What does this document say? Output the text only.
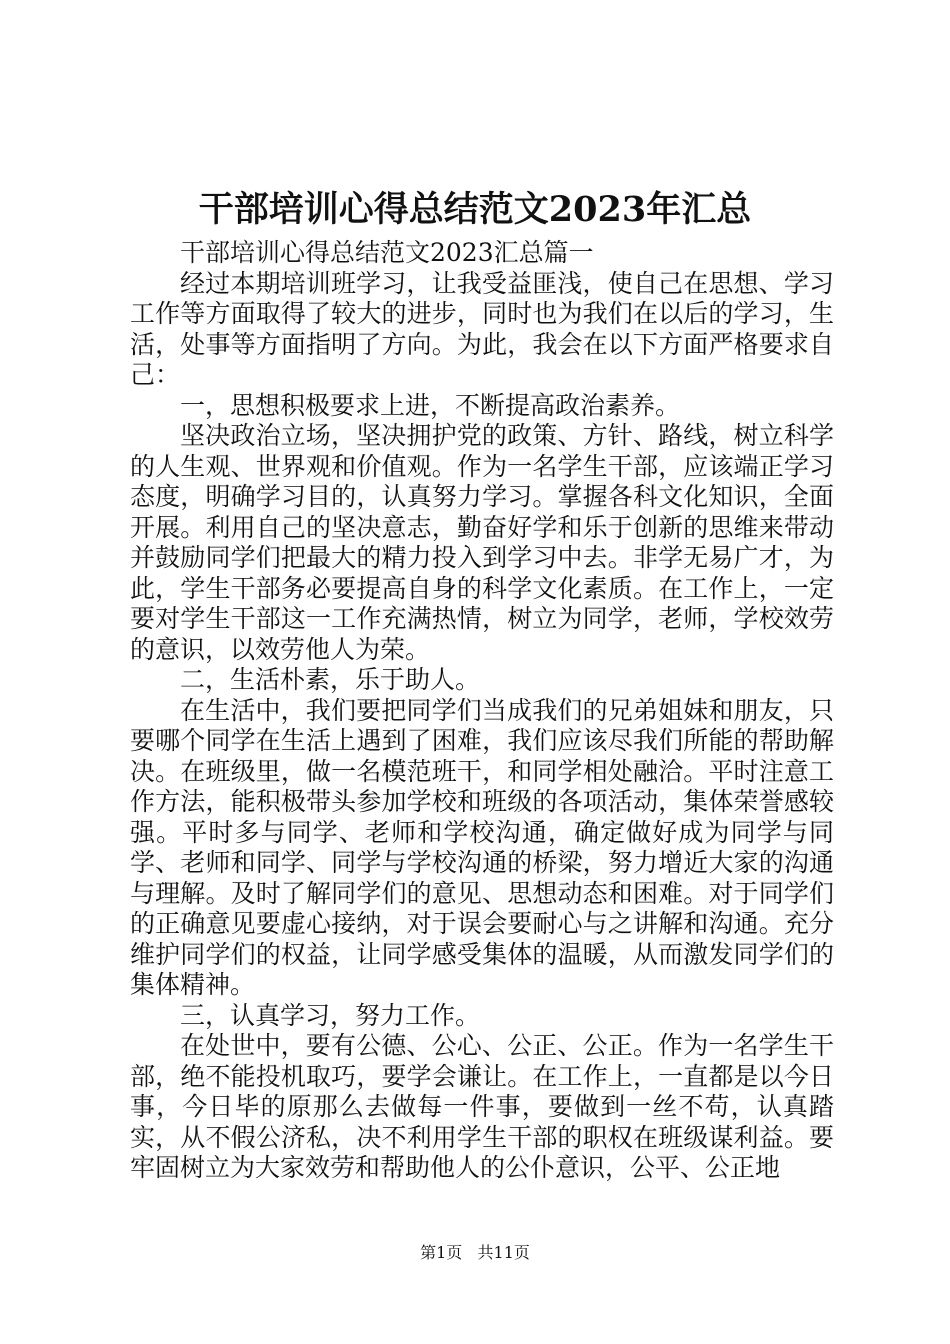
干部培训心得总结范文2023年汇总

干部培训心得总结范文2023汇总篇一

经过本期培训班学习，让我受益匪浅，使自己在思想、学习工作等方面取得了较大的进步，同时也为我们在以后的学习，生活，处事等方面指明了方向。为此，我会在以下方面严格要求自己：

一，思想积极要求上进，不断提高政治素养。

坚决政治立场，坚决拥护党的政策、方针、路线，树立科学的人生观、世界观和价值观。作为一名学生干部，应该端正学习态度，明确学习目的，认真努力学习。掌握各科文化知识，全面开展。利用自己的坚决意志，勤奋好学和乐于创新的思维来带动并鼓励同学们把最大的精力投入到学习中去。非学无易广才，为此，学生干部务必要提高自身的科学文化素质。在工作上，一定要对学生干部这一工作充满热情，树立为同学，老师，学校效劳的意识，以效劳他人为荣。

二，生活朴素，乐于助人。

在生活中，我们要把同学们当成我们的兄弟姐妹和朋友，只要哪个同学在生活上遇到了困难，我们应该尽我们所能的帮助解决。在班级里，做一名模范班干，和同学相处融洽。平时注意工作方法，能积极带头参加学校和班级的各项活动，集体荣誉感较强。平时多与同学、老师和学校沟通，确定做好成为同学与同学、老师和同学、同学与学校沟通的桥梁，努力增近大家的沟通与理解。及时了解同学们的意见、思想动态和困难。对于同学们的正确意见要虚心接纳，对于误会要耐心与之讲解和沟通。充分维护同学们的权益，让同学感受集体的温暖，从而激发同学们的集体精神。

三，认真学习，努力工作。

在处世中，要有公德、公心、公正、公正。作为一名学生干部，绝不能投机取巧，要学会谦让。在工作上，一直都是以今日事，今日毕的原那么去做每一件事，要做到一丝不苟，认真踏实，从不假公济私，决不利用学生干部的职权在班级谋利益。要牢固树立为大家效劳和帮助他人的公仆意识，公平、公正地

第1页 共11页
